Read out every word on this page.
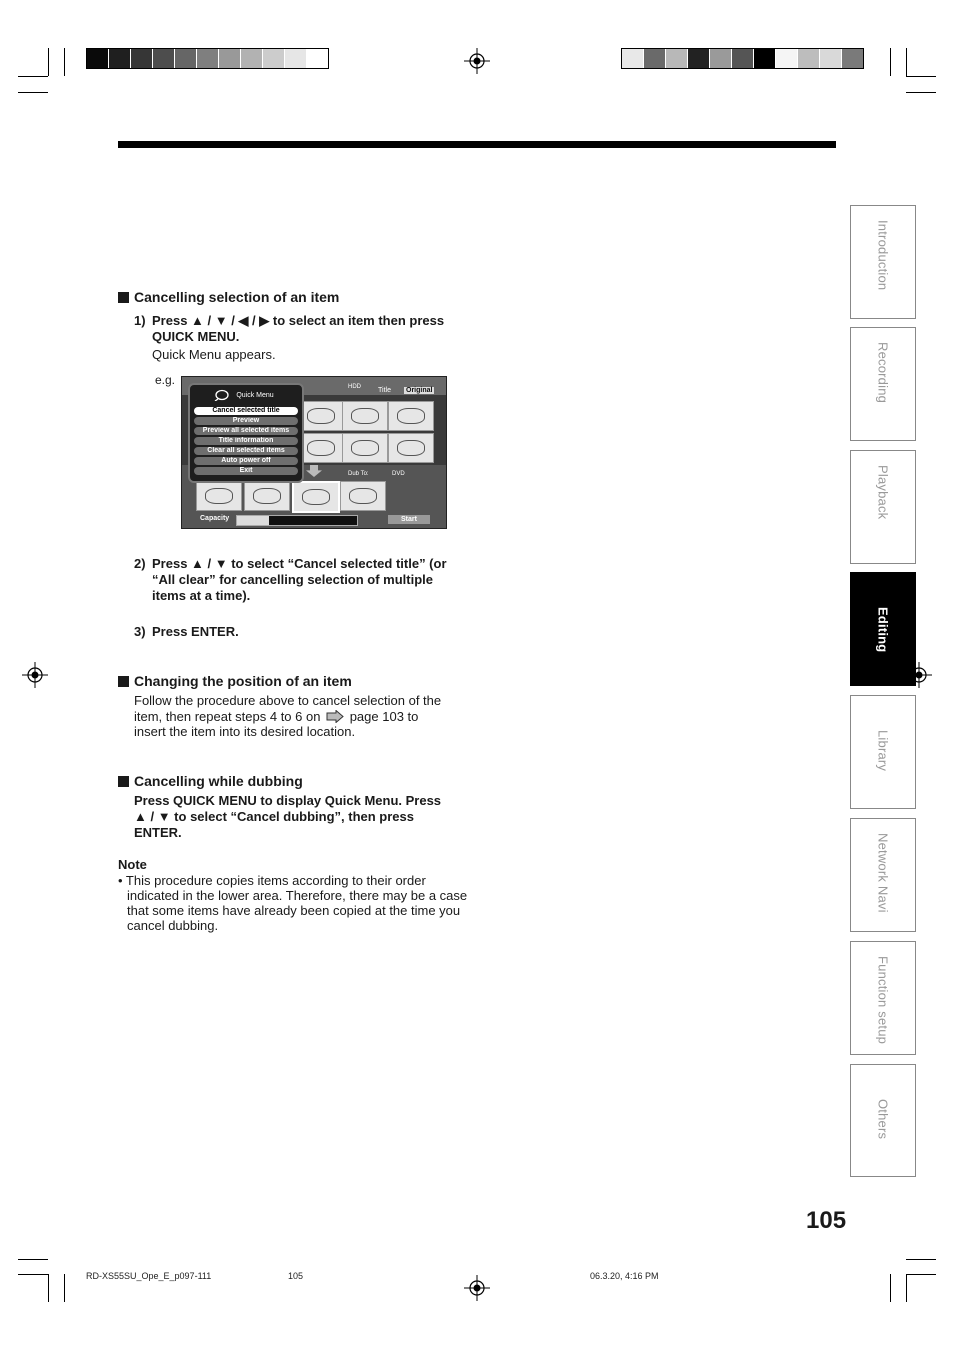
Cancelling selection of an item
1) Press ▲ / ▼ / ◀ / ▶ to select an item then press
QUICK MENU.
Quick Menu appears.
e.g.	HDD Title Original
Dub To:	DVD
Capacity	Start
Quick Menu
Cancel selected title
Preview
Preview all selected items
Title information
Clear all selected items
Auto power off
Exit
2) Press ▲ / ▼ to select “Cancel selected title” (or
“All clear” for cancelling selection of multiple
items at a time).
3) Press ENTER.
Changing the position of an item
Follow the procedure above to cancel selection of the
item, then repeat steps 4 to 6 on page 103 to
insert the item into its desired location.
Cancelling while dubbing
Press QUICK MENU to display Quick Menu. Press
▲ / ▼ to select “Cancel dubbing”, then press
ENTER.
Note
• This procedure copies items according to their order
indicated in the lower area. Therefore, there may be a case
that some items have already been copied at the time you
cancel dubbing.
Introduction
Recording
Playback
Editing
Library
Network Navi
Function setup
Others
105
RD-XS55SU_Ope_E_p097-111	105	06.3.20, 4:16 PM
